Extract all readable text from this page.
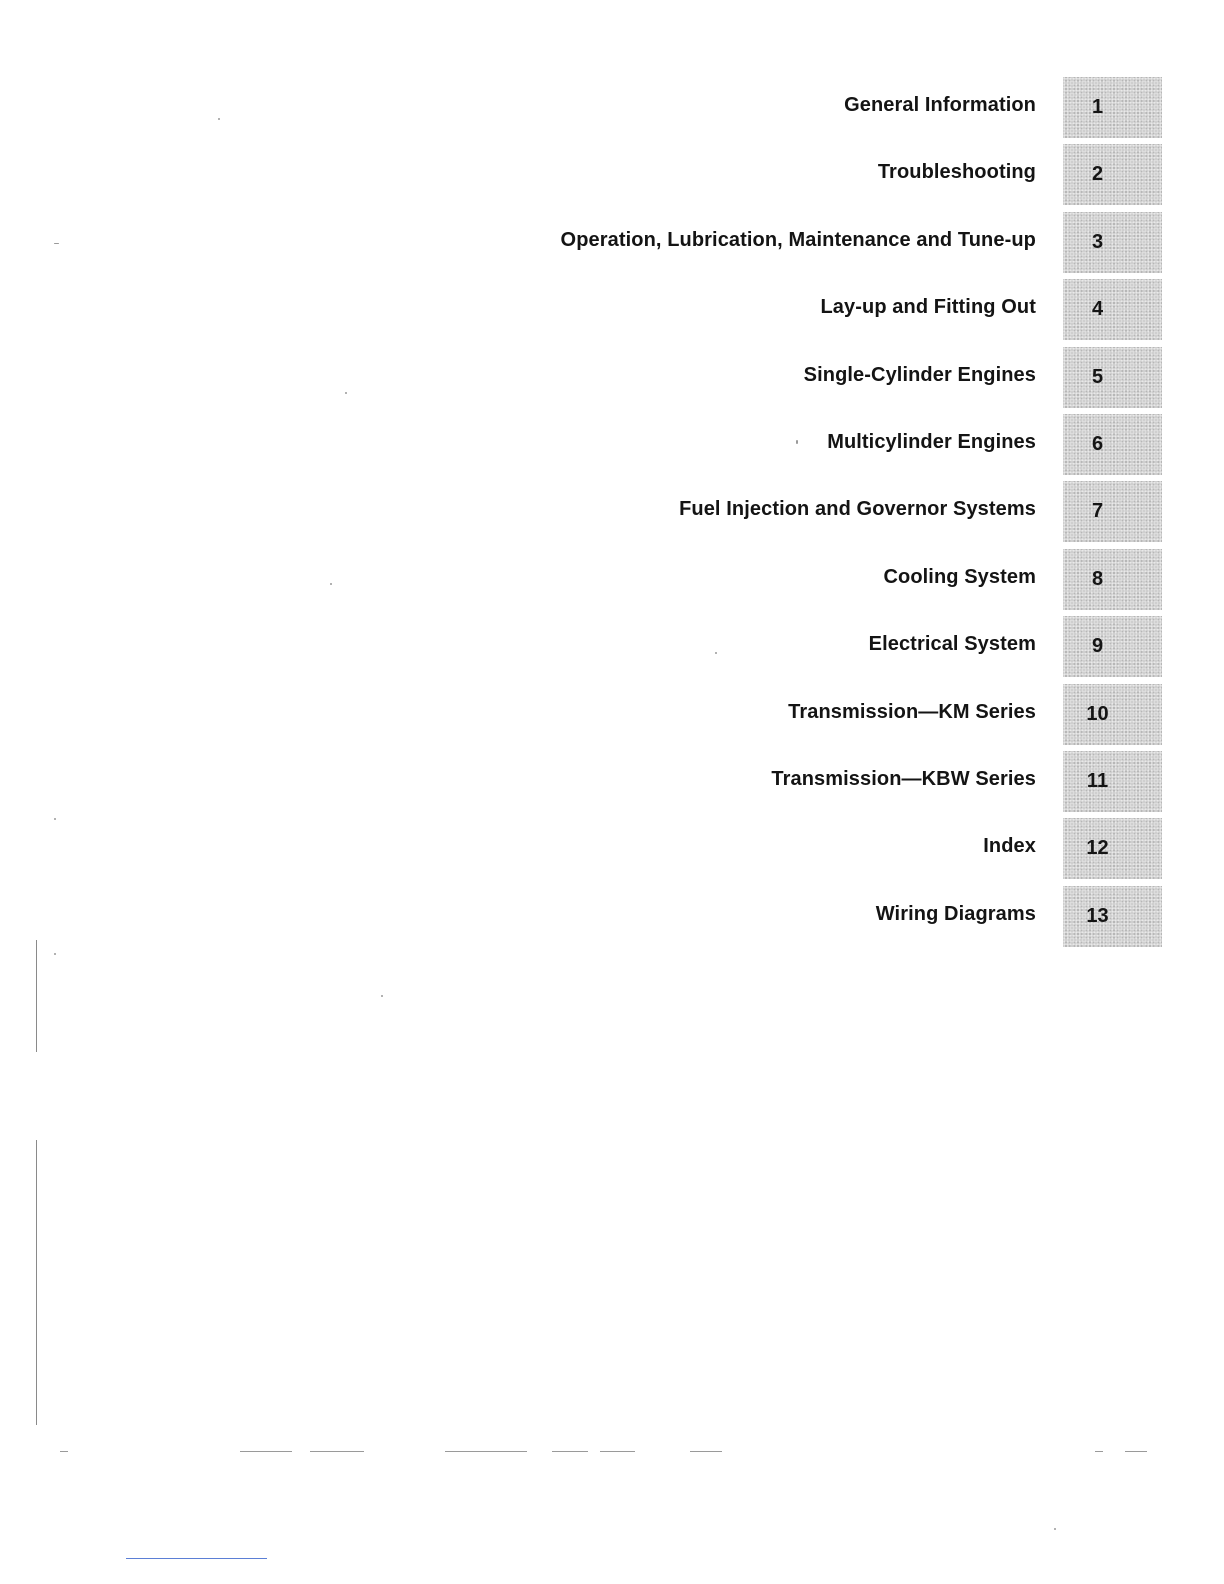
General Information	1
Troubleshooting	2
Operation, Lubrication, Maintenance and Tune-up	3
Lay-up and Fitting Out	4
Single-Cylinder Engines	5
Multicylinder Engines	6
Fuel Injection and Governor Systems	7
Cooling System	8
Electrical System	9
Transmission—KM Series	10
Transmission—KBW Series	11
Index	12
Wiring Diagrams	13
